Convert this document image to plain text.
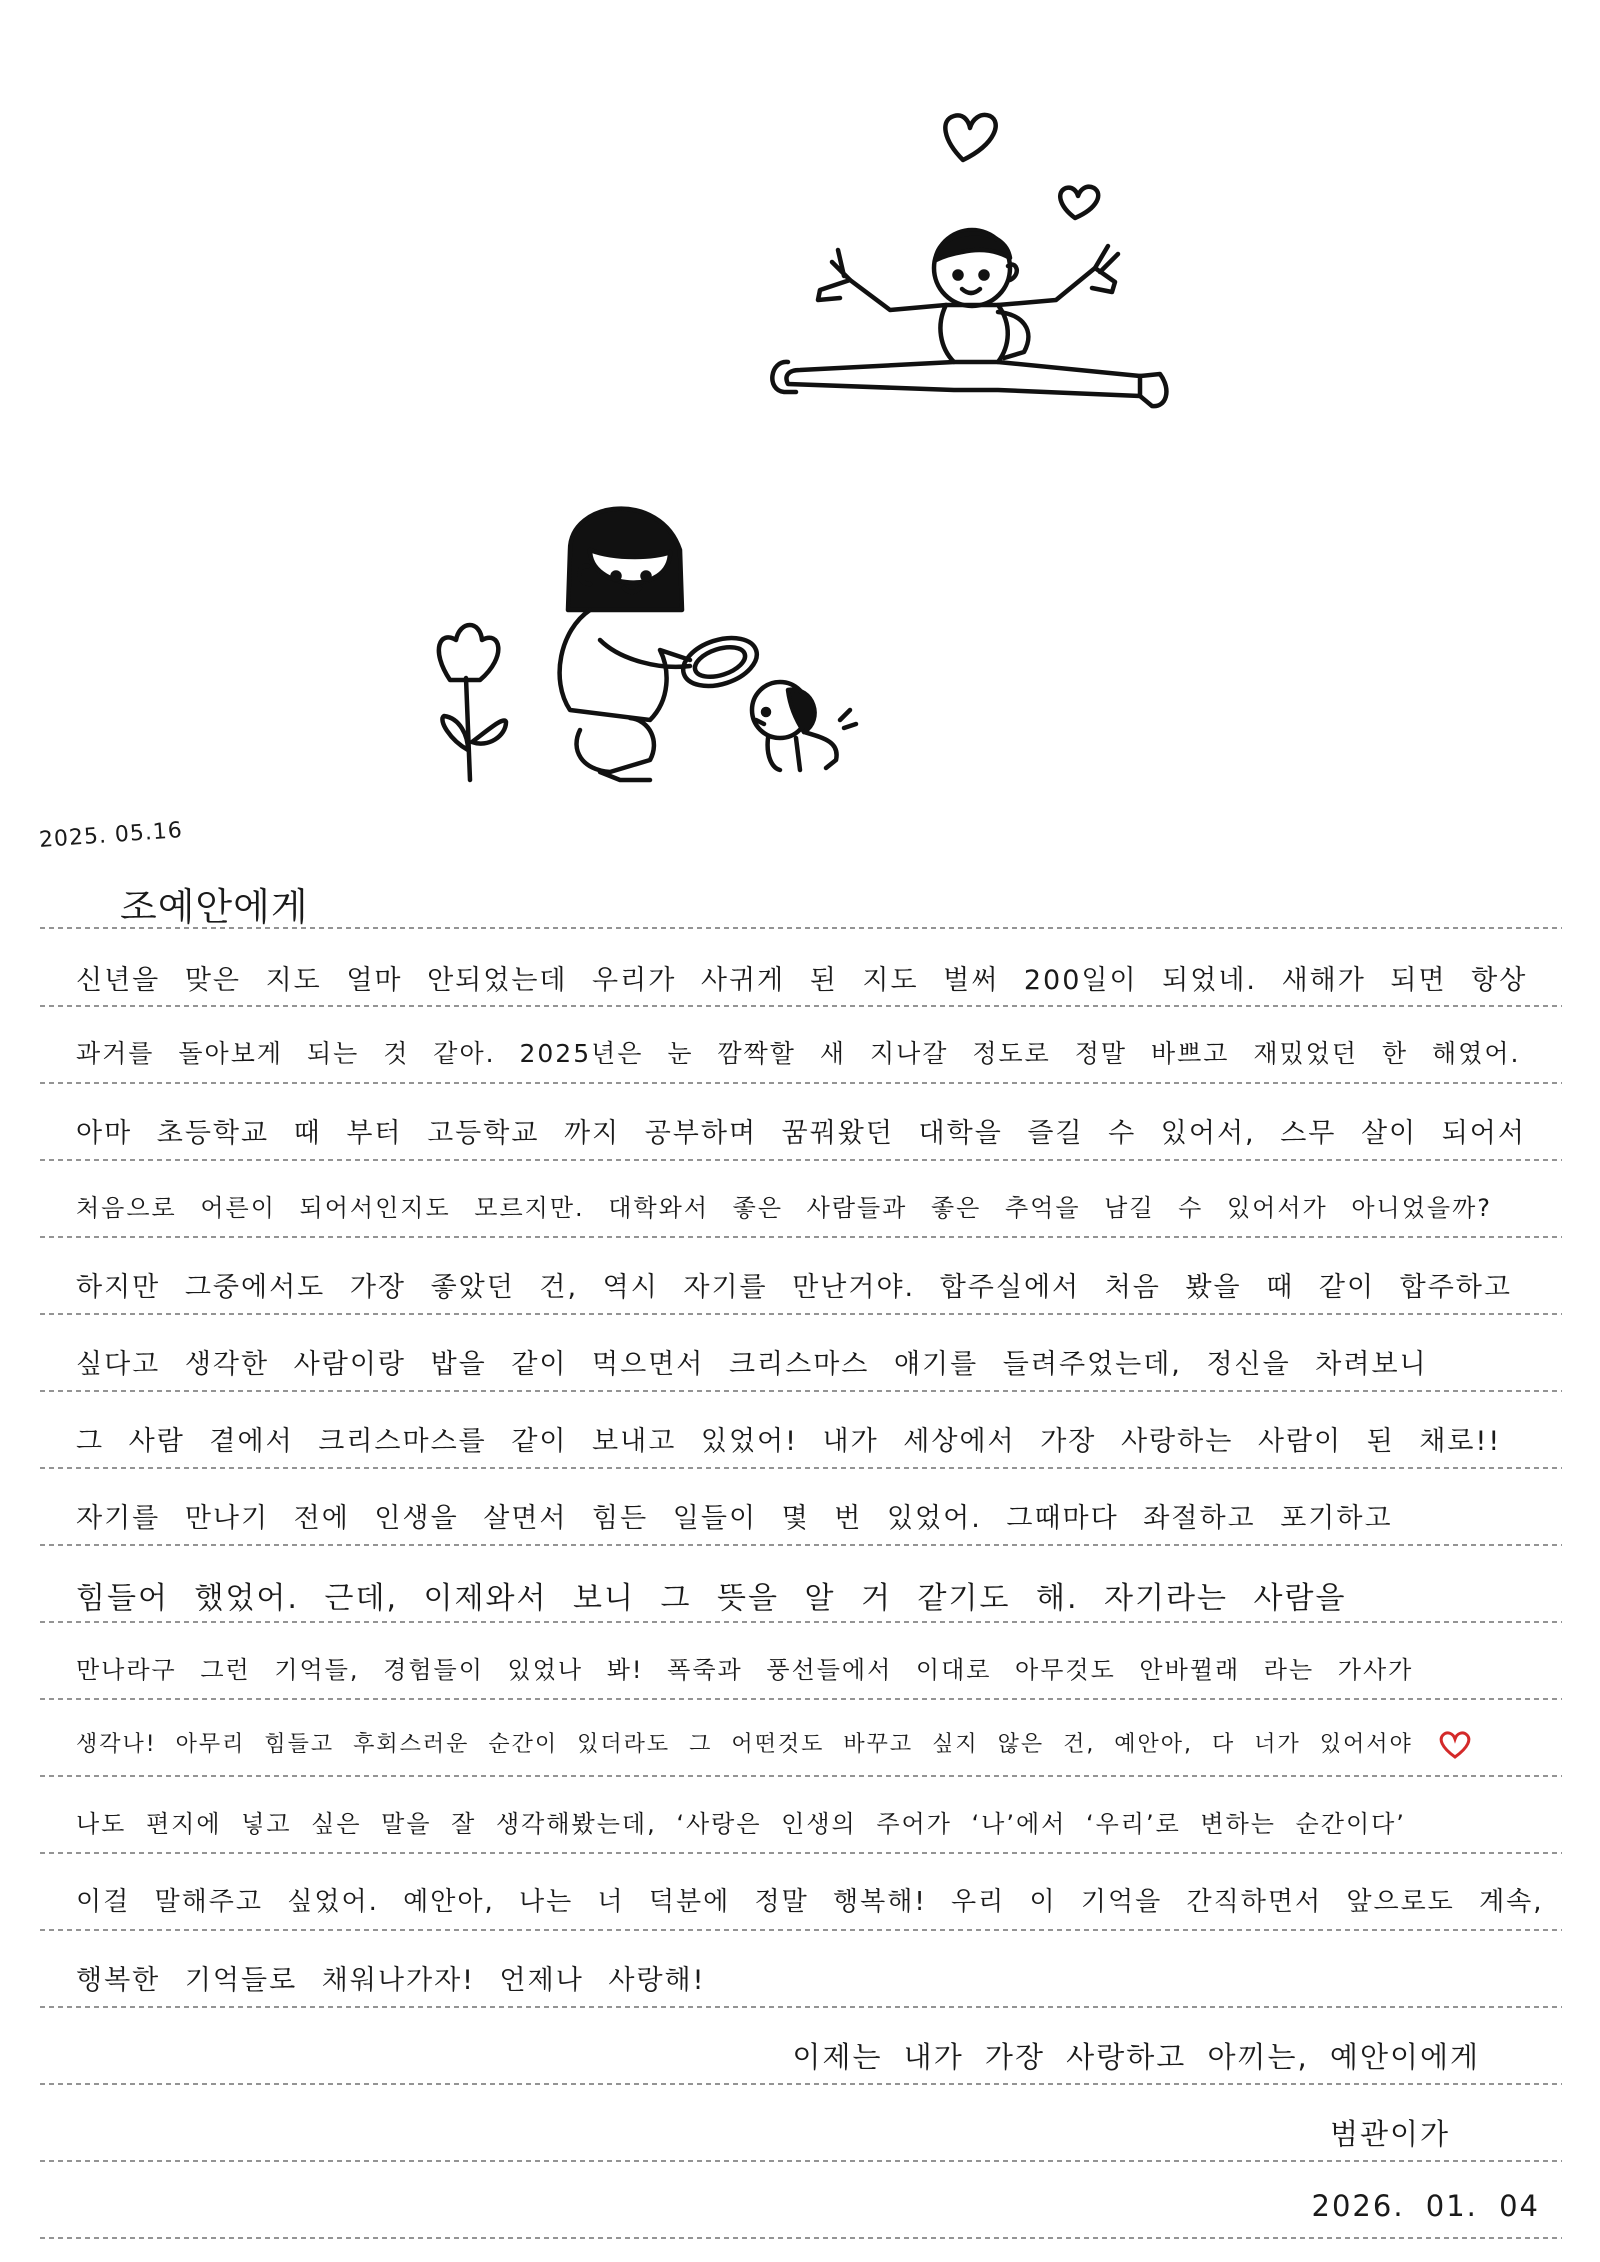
2025. 05.16
조예안에게
신년을 맞은 지도 얼마 안되었는데 우리가 사귀게 된 지도 벌써 200일이 되었네. 새해가 되면 항상
과거를 돌아보게 되는 것 같아. 2025년은 눈 깜짝할 새 지나갈 정도로 정말 바쁘고 재밌었던 한 해였어.
아마 초등학교 때 부터 고등학교 까지 공부하며 꿈꿔왔던 대학을 즐길 수 있어서, 스무 살이 되어서
처음으로 어른이 되어서인지도 모르지만. 대학와서 좋은 사람들과 좋은 추억을 남길 수 있어서가 아니었을까?
하지만 그중에서도 가장 좋았던 건, 역시 자기를 만난거야. 합주실에서 처음 봤을 때 같이 합주하고
싶다고 생각한 사람이랑 밥을 같이 먹으면서 크리스마스 얘기를 들려주었는데, 정신을 차려보니
그 사람 곁에서 크리스마스를 같이 보내고 있었어! 내가 세상에서 가장 사랑하는 사람이 된 채로!!
자기를 만나기 전에 인생을 살면서 힘든 일들이 몇 번 있었어. 그때마다 좌절하고 포기하고
힘들어 했었어. 근데, 이제와서 보니 그 뜻을 알 거 같기도 해. 자기라는 사람을
만나라구 그런 기억들, 경험들이 있었나 봐! 폭죽과 풍선들에서 이대로 아무것도 안바뀔래 라는 가사가
생각나! 아무리 힘들고 후회스러운 순간이 있더라도 그 어떤것도 바꾸고 싶지 않은 건, 예안아, 다 너가 있어서야
나도 편지에 넣고 싶은 말을 잘 생각해봤는데, ‘사랑은 인생의 주어가 ‘나’에서 ‘우리’로 변하는 순간이다’
이걸 말해주고 싶었어. 예안아, 나는 너 덕분에 정말 행복해! 우리 이 기억을 간직하면서 앞으로도 계속,
행복한 기억들로 채워나가자! 언제나 사랑해!
이제는 내가 가장 사랑하고 아끼는, 예안이에게
범관이가
2026. 01. 04
